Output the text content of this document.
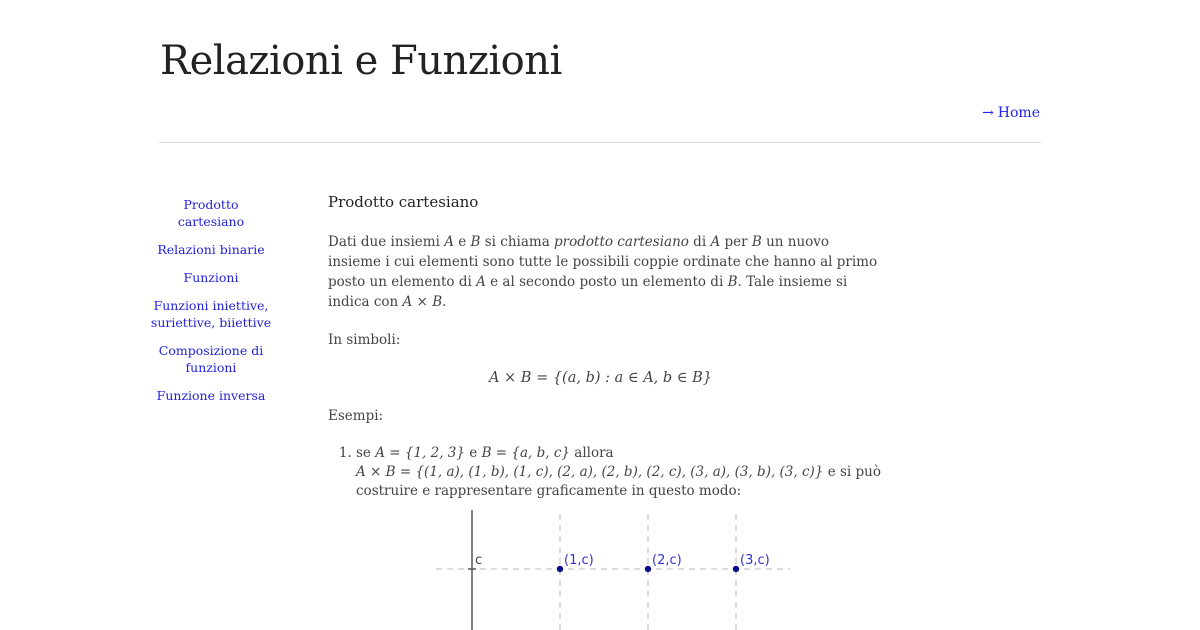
Relazioni e Funzioni
→ Home
Prodotto cartesiano
Relazioni binarie
Funzioni
Funzioni iniettive, suriettive, biiettive
Composizione di funzioni
Funzione inversa
Prodotto cartesiano

Dati due insiemi A e B si chiama prodotto cartesiano di A per B un nuovo insieme i cui elementi sono tutte le possibili coppie ordinate che hanno al primo posto un elemento di A e al secondo posto un elemento di B. Tale insieme si indica con A × B.

In simboli:

A × B = {(a, b) : a ∈ A, b ∈ B}

Esempi:

1. se A = {1, 2, 3} e B = {a, b, c} allora
A × B = {(1, a), (1, b), (1, c), (2, a), (2, b), (2, c), (3, a), (3, b), (3, c)} e si può costruire e rappresentare graficamente in questo modo:
c	(1,c)	(2,c)	(3,c)
